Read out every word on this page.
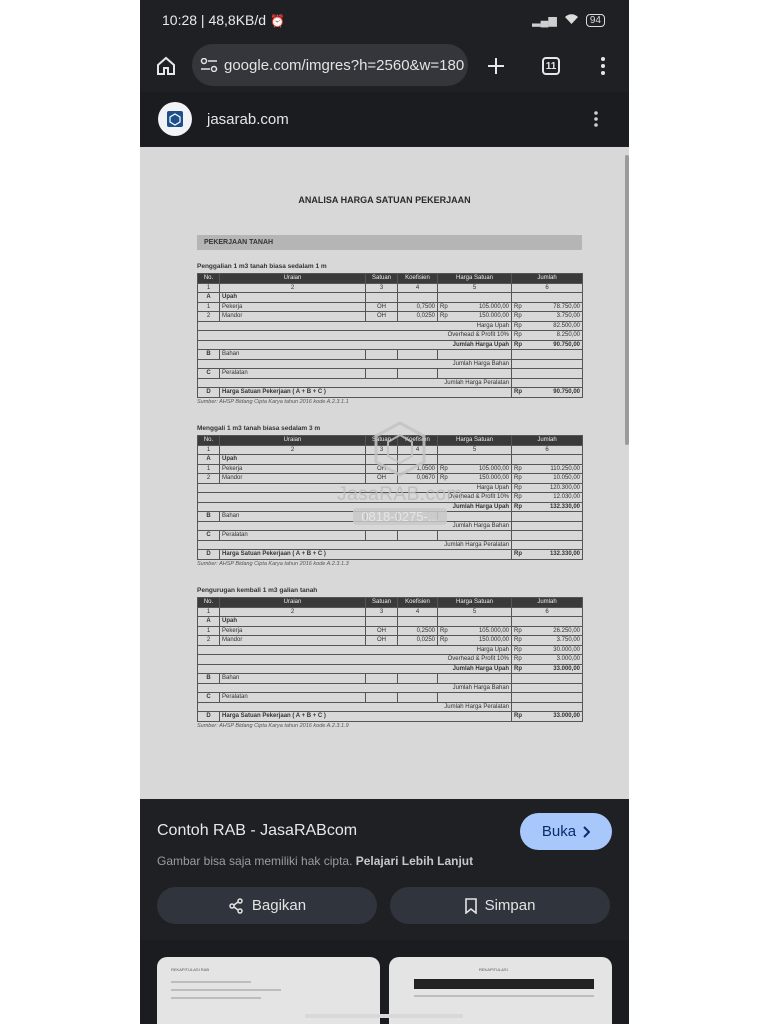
10:28 | 48,8KB/d ⏰	▂▄▆	94
google.com/imgres?h=2560&w=180	11
jasarab.com
ANALISA HARGA SATUAN PEKERJAAN
PEKERJAAN TANAH
Penggalian 1 m3 tanah biasa sedalam 1 m
No.	Uraian	Satuan	Koefisien	Harga Satuan	Jumlah
1	2	3	4	5	6
A	Upah				
1	Pekerja	OH	0,7500	Rp 105.000,00	Rp 78.750,00

2	Mandor	OH	0,0250	Rp 150.000,00	Rp 3.750,00

Harga Upah					Rp 82.500,00

Overhead & Profit 10%					Rp 8.250,00

Jumlah Harga Upah					Rp 90.750,00

B	Bahan				
Jumlah Harga Bahan					
C	Peralatan				
Jumlah Harga Peralatan					
D	Harga Satuan Pekerjaan ( A + B + C )				Rp 90.750,00
Sumber: AHSP Bidang Cipta Karya tahun 2016 kode A.2.3.1.1
Menggali 1 m3 tanah biasa sedalam 3 m
No.	Uraian	Satuan	Koefisien	Harga Satuan	Jumlah
1	2	3	4	5	6
A	Upah				
1	Pekerja	OH	1,0500	Rp 105.000,00	Rp 110.250,00

2	Mandor	OH	0,0670	Rp 150.000,00	Rp 10.050,00

Harga Upah					Rp 120.300,00

Overhead & Profit 10%					Rp 12.030,00

Jumlah Harga Upah					Rp 132.330,00

B	Bahan				
Jumlah Harga Bahan					
C	Peralatan				
Jumlah Harga Peralatan					
D	Harga Satuan Pekerjaan ( A + B + C )				Rp 132.330,00
Sumber: AHSP Bidang Cipta Karya tahun 2016 kode A.2.3.1.3
Pengurugan kembali 1 m3 galian tanah
No.	Uraian	Satuan	Koefisien	Harga Satuan	Jumlah
1	2	3	4	5	6
A	Upah				
1	Pekerja	OH	0,2500	Rp 105.000,00	Rp 26.250,00

2	Mandor	OH	0,0250	Rp 150.000,00	Rp 3.750,00

Harga Upah					Rp 30.000,00

Overhead & Profit 10%					Rp 3.000,00

Jumlah Harga Upah					Rp 33.000,00

B	Bahan				
Jumlah Harga Bahan					
C	Peralatan				
Jumlah Harga Peralatan					
D	Harga Satuan Pekerjaan ( A + B + C )				Rp 33.000,00
Sumber: AHSP Bidang Cipta Karya tahun 2016 kode A.2.3.1.9
JasaRAB.com
0818-0275-...
Contoh RAB - JasaRABcom	Buka
Gambar bisa saja memiliki hak cipta. Pelajari Lebih Lanjut
Bagikan	Simpan
REKAPITULASI RAB	REKAPITULASI
